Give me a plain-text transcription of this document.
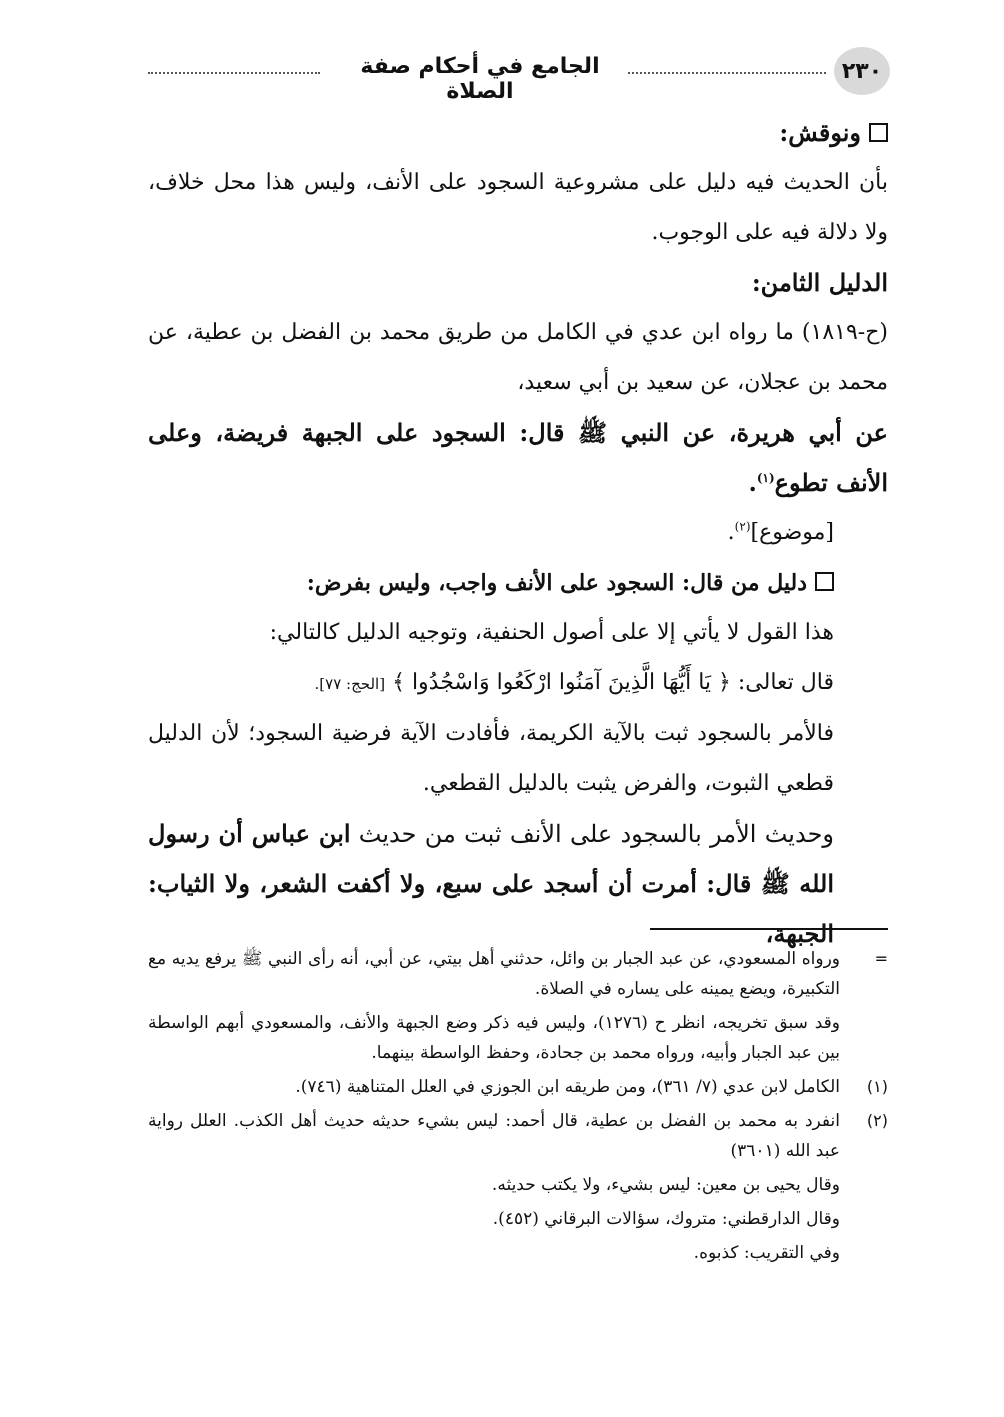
٢٣٠
الجامع في أحكام صفة الصلاة

ونوقش:

بأن الحديث فيه دليل على مشروعية السجود على الأنف، وليس هذا محل خلاف، ولا دلالة فيه على الوجوب.

الدليل الثامن:

(ح-١٨١٩) ما رواه ابن عدي في الكامل من طريق محمد بن الفضل بن عطية، عن محمد بن عجلان، عن سعيد بن أبي سعيد،

عن أبي هريرة، عن النبي ﷺ قال: السجود على الجبهة فريضة، وعلى الأنف تطوع$^{(١)}$.

[موضوع]$^{(٢)}$.

دليل من قال: السجود على الأنف واجب، وليس بفرض:

هذا القول لا يأتي إلا على أصول الحنفية، وتوجيه الدليل كالتالي:

قال تعالى: ﴿ يَا أَيُّهَا الَّذِينَ آمَنُوا ارْكَعُوا وَاسْجُدُوا ﴾ [الحج: ٧٧].

فالأمر بالسجود ثبت بالآية الكريمة، فأفادت الآية فرضية السجود؛ لأن الدليل قطعي الثبوت، والفرض يثبت بالدليل القطعي.

وحديث الأمر بالسجود على الأنف ثبت من حديث ابن عباس أن رسول الله ﷺ قال: أمرت أن أسجد على سبع، ولا أكفت الشعر، ولا الثياب: الجبهة،

=

ورواه المسعودي، عن عبد الجبار بن وائل، حدثني أهل بيتي، عن أبي، أنه رأى النبي ﷺ يرفع يديه مع التكبيرة، ويضع يمينه على يساره في الصلاة.

وقد سبق تخريجه، انظر ح (١٢٧٦)، وليس فيه ذكر وضع الجبهة والأنف، والمسعودي أبهم الواسطة بين عبد الجبار وأبيه، ورواه محمد بن جحادة، وحفظ الواسطة بينهما.

(١)

الكامل لابن عدي (٧/ ٣٦١)، ومن طريقه ابن الجوزي في العلل المتناهية (٧٤٦).

(٢)

انفرد به محمد بن الفضل بن عطية، قال أحمد: ليس بشيء حديثه حديث أهل الكذب. العلل رواية عبد الله (٣٦٠١)

وقال يحيى بن معين: ليس بشيء، ولا يكتب حديثه.

وقال الدارقطني: متروك، سؤالات البرقاني (٤٥٢).

وفي التقريب: كذبوه.
